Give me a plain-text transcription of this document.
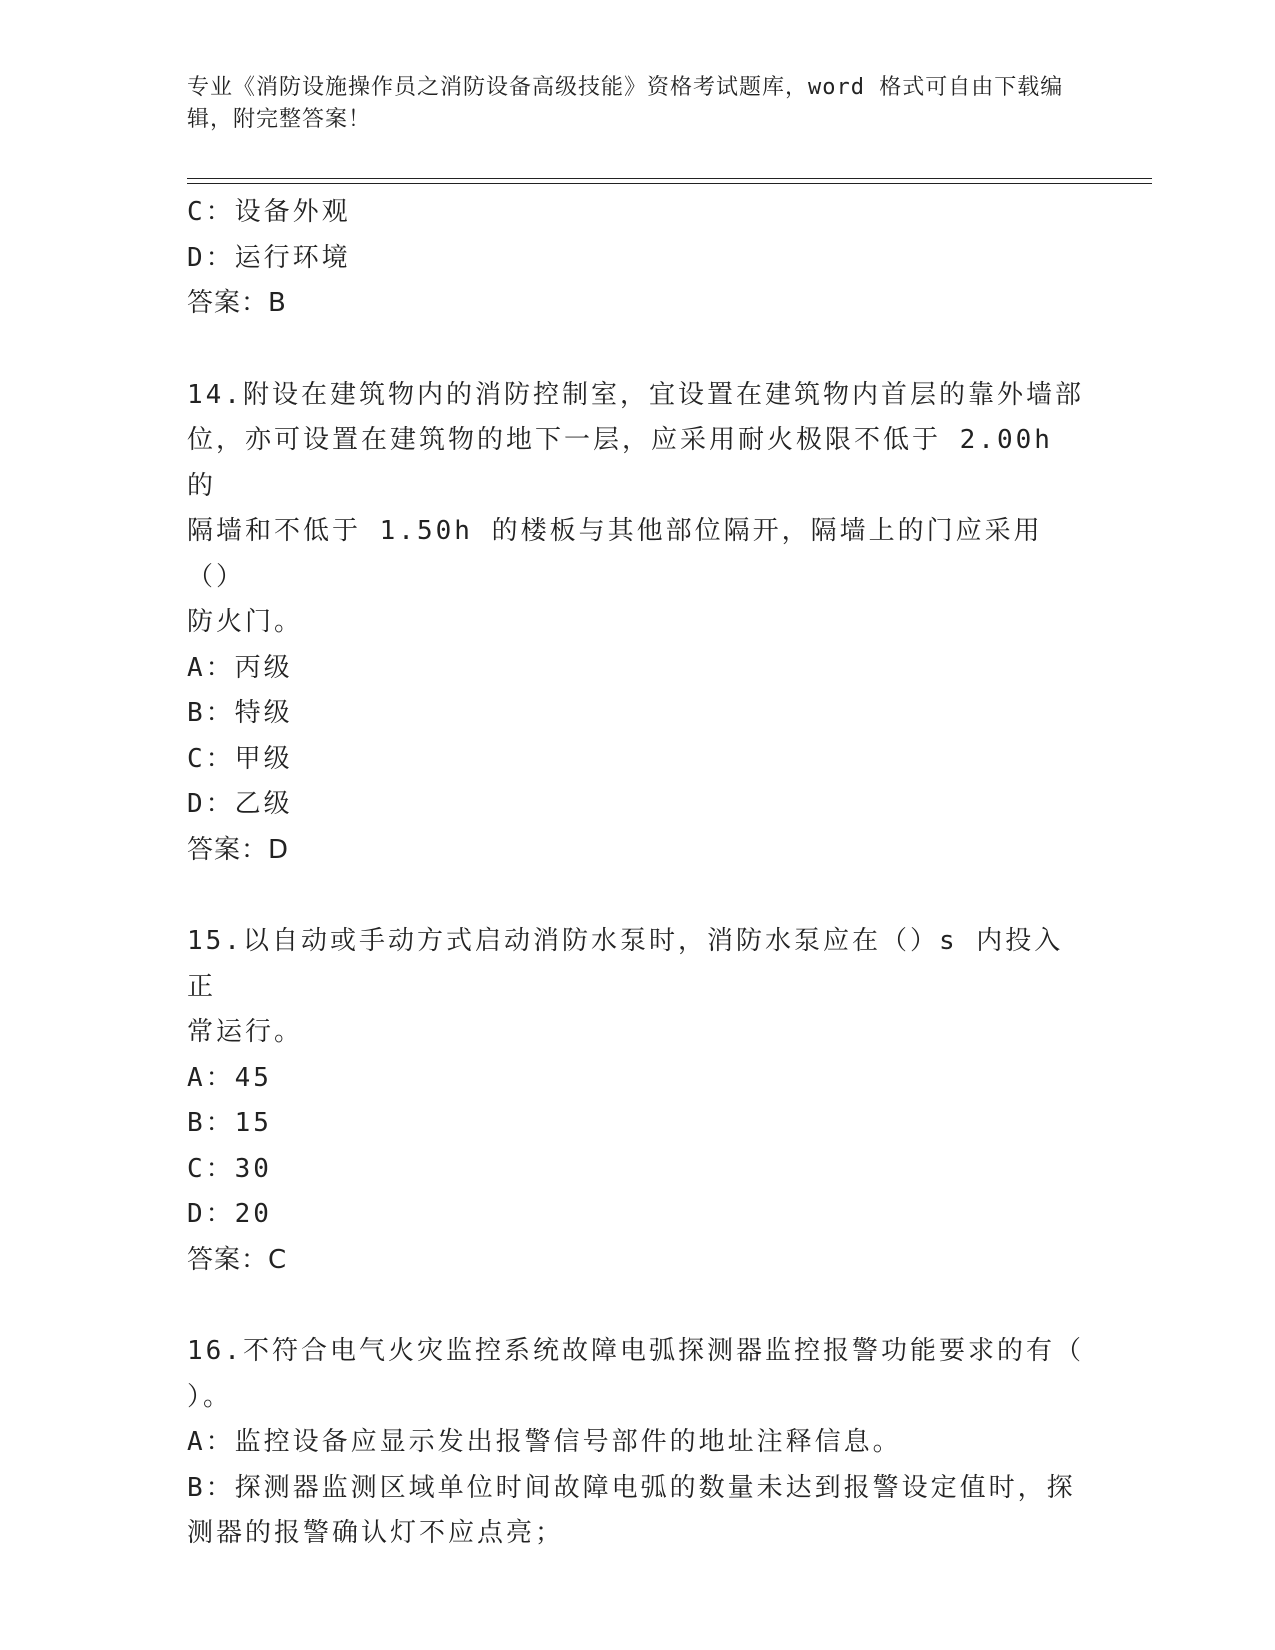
专业《消防设施操作员之消防设备高级技能》资格考试题库，word 格式可自由下载编辑，附完整答案！

C：设备外观

D：运行环境

答案：B

14.附设在建筑物内的消防控制室，宜设置在建筑物内首层的靠外墙部

位，亦可设置在建筑物的地下一层，应采用耐火极限不低于 2.00h 的

隔墙和不低于 1.50h 的楼板与其他部位隔开，隔墙上的门应采用（）

防火门。

A：丙级

B：特级

C：甲级

D：乙级

答案：D

15.以自动或手动方式启动消防水泵时，消防水泵应在（）s 内投入正

常运行。

A：45

B：15

C：30

D：20

答案：C

16.不符合电气火灾监控系统故障电弧探测器监控报警功能要求的有（

）。

A：监控设备应显示发出报警信号部件的地址注释信息。

B：探测器监测区域单位时间故障电弧的数量未达到报警设定值时，探

测器的报警确认灯不应点亮；
